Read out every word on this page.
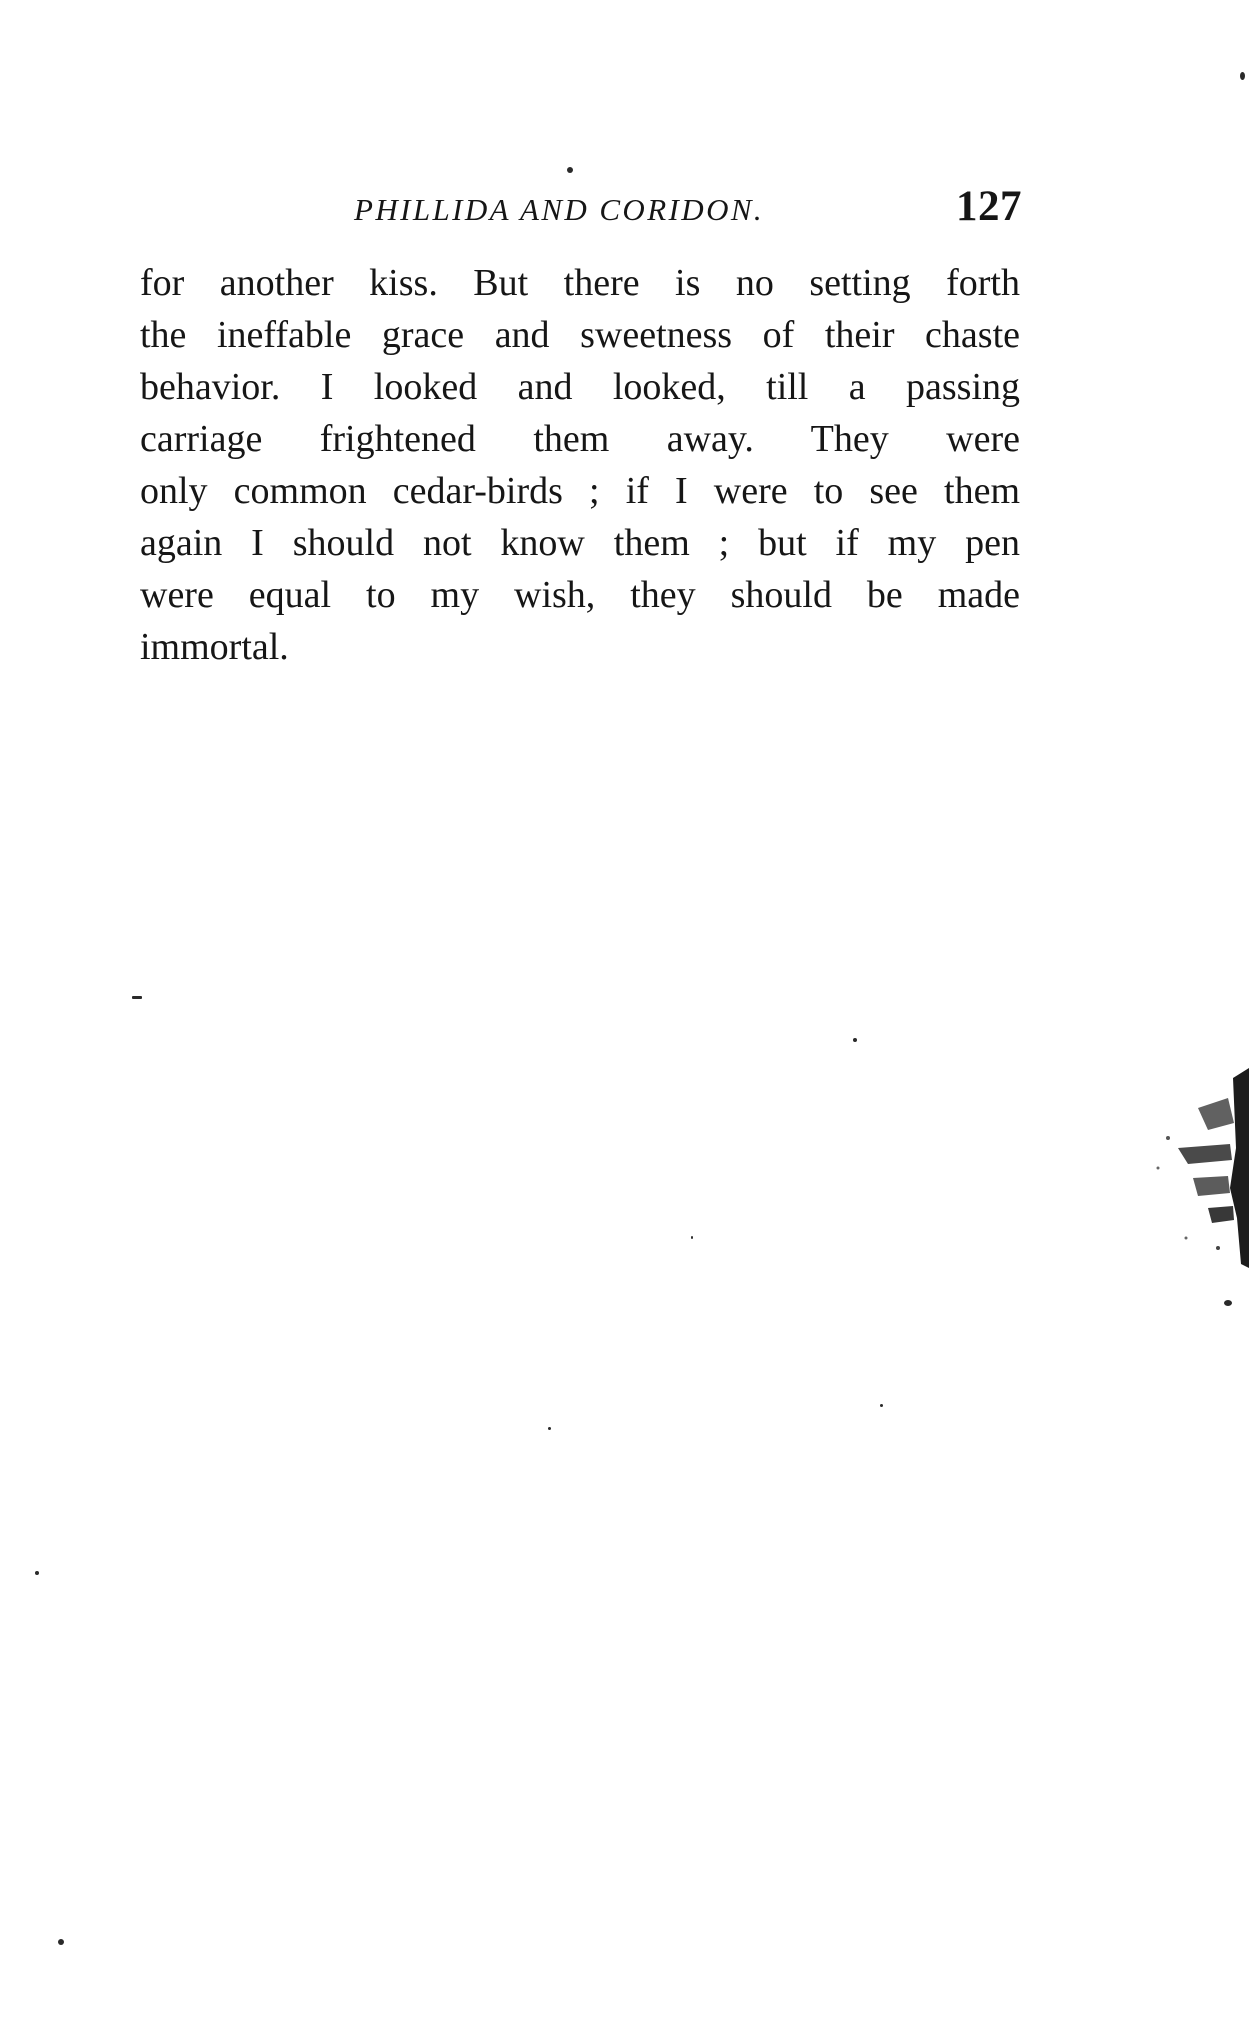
PHILLIDA AND CORIDON.	127
for another kiss. But there is no setting forth
the ineffable grace and sweetness of their chaste
behavior. I looked and looked, till a passing
carriage frightened them away. They were
only common cedar-birds ; if I were to see them
again I should not know them ; but if my pen
were equal to my wish, they should be made
immortal.
